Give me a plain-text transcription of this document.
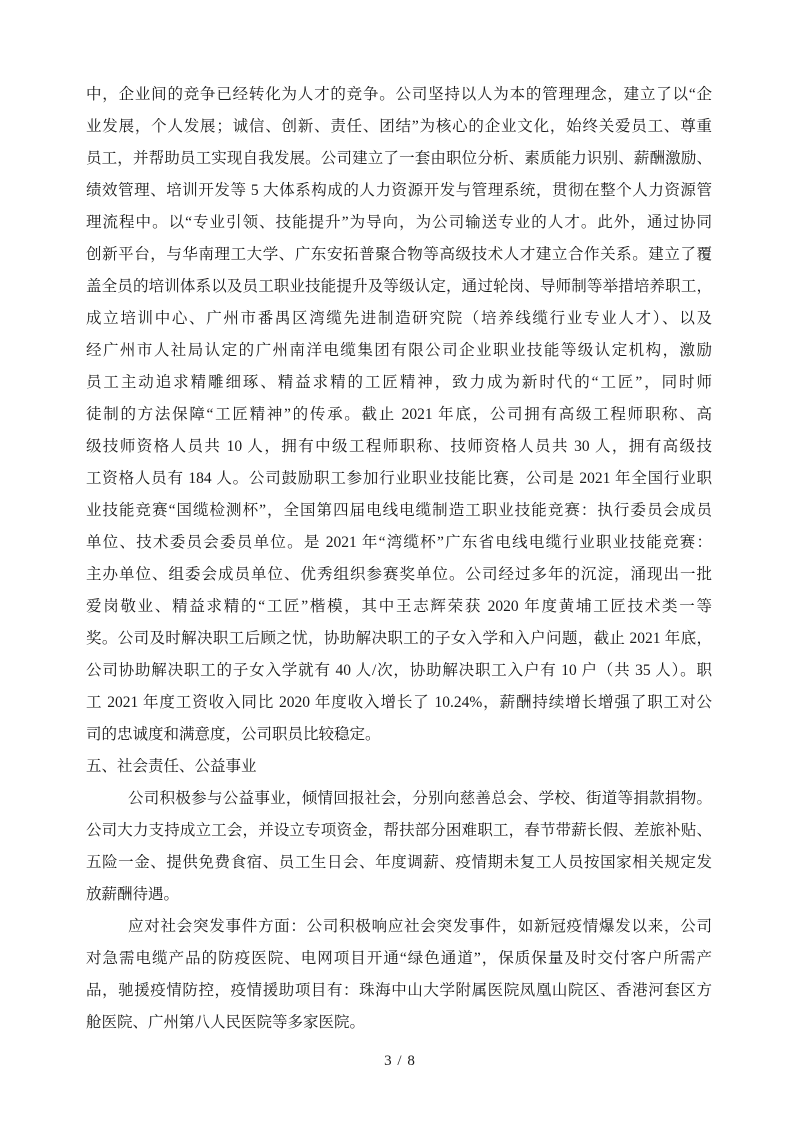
中，企业间的竞争已经转化为人才的竞争。公司坚持以人为本的管理理念，建立了以“企
业发展，个人发展；诚信、创新、责任、团结”为核心的企业文化，始终关爱员工、尊重
员工，并帮助员工实现自我发展。公司建立了一套由职位分析、素质能力识别、薪酬激励、
绩效管理、培训开发等 5 大体系构成的人力资源开发与管理系统，贯彻在整个人力资源管
理流程中。以“专业引领、技能提升”为导向，为公司输送专业的人才。此外，通过协同
创新平台，与华南理工大学、广东安拓普聚合物等高级技术人才建立合作关系。建立了覆
盖全员的培训体系以及员工职业技能提升及等级认定，通过轮岗、导师制等举措培养职工，
成立培训中心、广州市番禺区湾缆先进制造研究院（培养线缆行业专业人才）、以及
经广州市人社局认定的广州南洋电缆集团有限公司企业职业技能等级认定机构，激励
员工主动追求精雕细琢、精益求精的工匠精神，致力成为新时代的“工匠”，同时师
徒制的方法保障“工匠精神”的传承。截止 2021 年底，公司拥有高级工程师职称、高
级技师资格人员共 10 人，拥有中级工程师职称、技师资格人员共 30 人，拥有高级技
工资格人员有 184 人。公司鼓励职工参加行业职业技能比赛，公司是 2021 年全国行业职
业技能竞赛“国缆检测杯”，全国第四届电线电缆制造工职业技能竞赛：执行委员会成员
单位、技术委员会委员单位。是 2021 年“湾缆杯”广东省电线电缆行业职业技能竞赛：
主办单位、组委会成员单位、优秀组织参赛奖单位。公司经过多年的沉淀，涌现出一批
爱岗敬业、精益求精的“工匠”楷模，其中王志辉荣获 2020 年度黄埔工匠技术类一等
奖。公司及时解决职工后顾之忧，协助解决职工的子女入学和入户问题，截止 2021 年底，
公司协助解决职工的子女入学就有 40 人/次，协助解决职工入户有 10 户（共 35 人）。职
工 2021 年度工资收入同比 2020 年度收入增长了 10.24%，薪酬持续增长增强了职工对公
司的忠诚度和满意度，公司职员比较稳定。
五、社会责任、公益事业
公司积极参与公益事业，倾情回报社会，分别向慈善总会、学校、街道等捐款捐物。
公司大力支持成立工会，并设立专项资金，帮扶部分困难职工，春节带薪长假、差旅补贴、
五险一金、提供免费食宿、员工生日会、年度调薪、疫情期未复工人员按国家相关规定发
放薪酬待遇。
应对社会突发事件方面：公司积极响应社会突发事件，如新冠疫情爆发以来，公司
对急需电缆产品的防疫医院、电网项目开通“绿色通道”，保质保量及时交付客户所需产
品，驰援疫情防控，疫情援助项目有：珠海中山大学附属医院凤凰山院区、香港河套区方
舱医院、广州第八人民医院等多家医院。
3 / 8
